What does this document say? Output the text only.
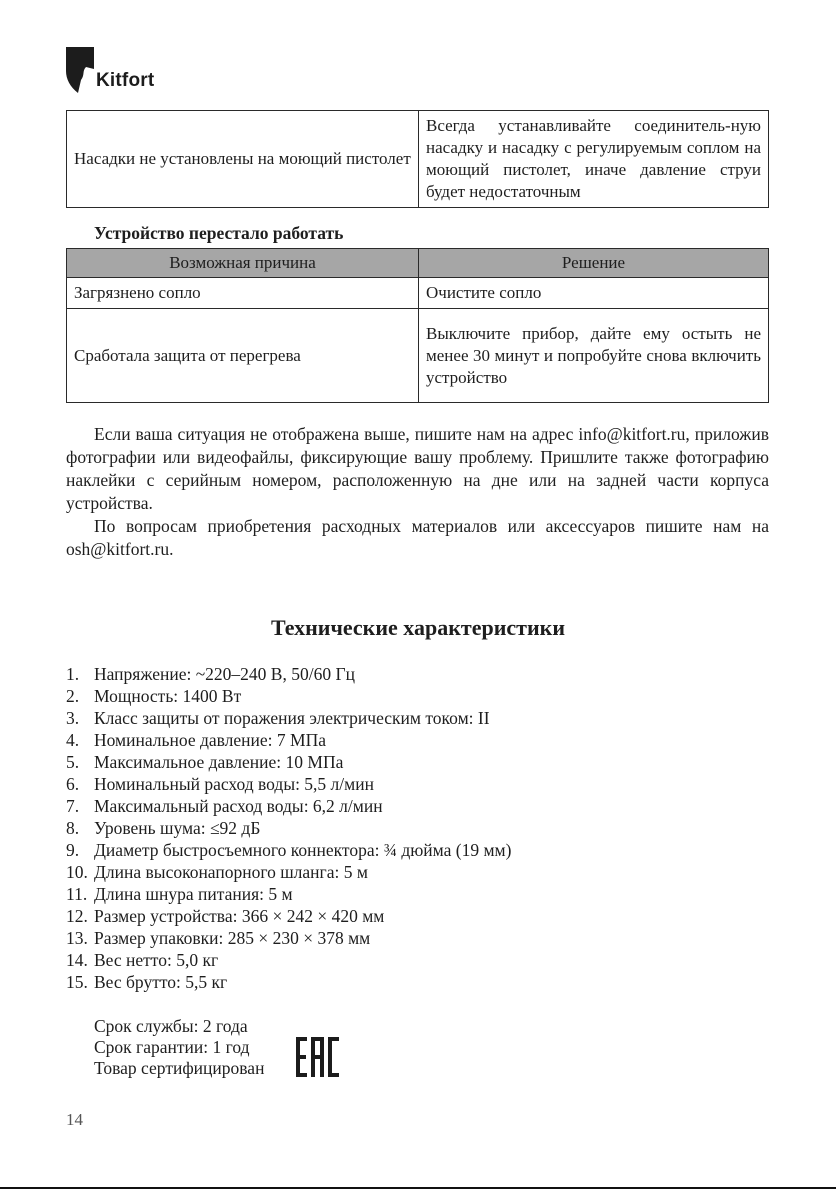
Kitfort
Насадки не установлены на моющий пистолет	Всегда устанавливайте соединитель-ную насадку и насадку с регулируемым соплом на моющий пистолет, иначе давление струи будет недостаточным
Устройство перестало работать
Возможная причина	Решение
Загрязнено сопло	Очистите сопло
Сработала защита от перегрева	Выключите прибор, дайте ему остыть не менее 30 минут и попробуйте снова включить устройство

Если ваша ситуация не отображена выше, пишите нам на адрес info@kitfort.ru, приложив фотографии или видеофайлы, фиксирующие вашу проблему. Пришлите также фотографию наклейки с серийным номером, расположенную на дне или на задней части корпуса устройства.

По вопросам приобретения расходных материалов или аксессуаров пишите нам на osh@kitfort.ru.

Технические характеристики
1. Напряжение: ~220–240 В, 50/60 Гц
2. Мощность: 1400 Вт
3. Класс защиты от поражения электрическим током: II
4. Номинальное давление: 7 МПа
5. Максимальное давление: 10 МПа
6. Номинальный расход воды: 5,5 л/мин
7. Максимальный расход воды: 6,2 л/мин
8. Уровень шума: ≤92 дБ
9. Диаметр быстросъемного коннектора: ¾ дюйма (19 мм)
10. Длина высоконапорного шланга: 5 м
11. Длина шнура питания: 5 м
12. Размер устройства: 366 × 242 × 420 мм
13. Размер упаковки: 285 × 230 × 378 мм
14. Вес нетто: 5,0 кг
15. Вес брутто: 5,5 кг
Срок службы: 2 года
Срок гарантии: 1 год
Товар сертифицирован
14
